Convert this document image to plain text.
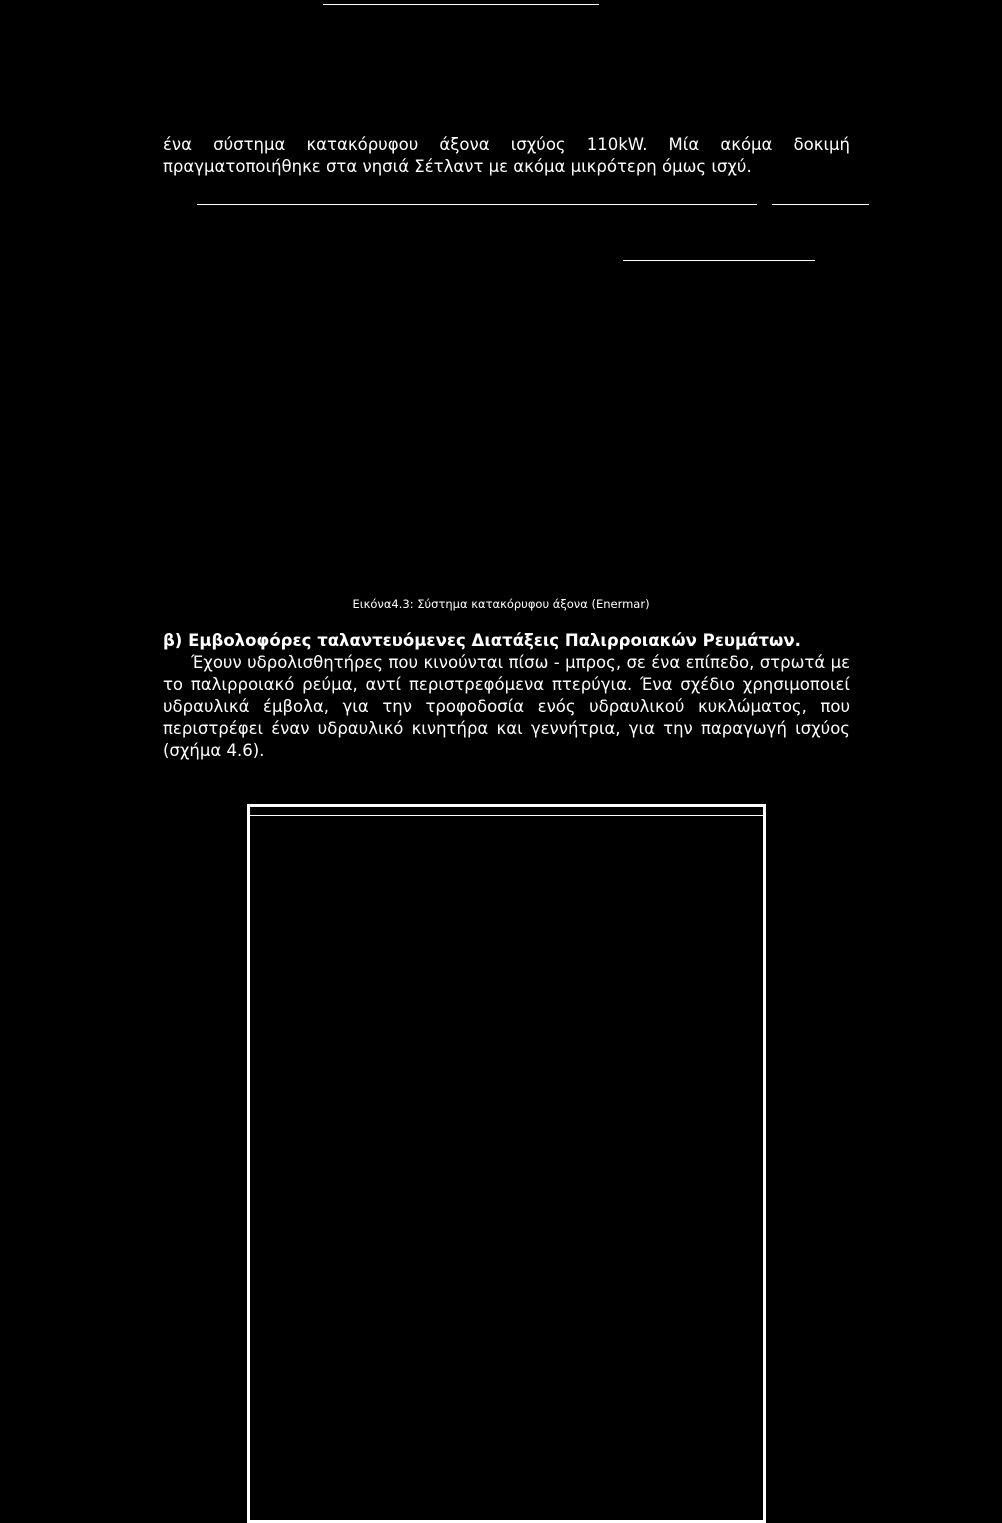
ένα σύστημα κατακόρυφου άξονα ισχύος 110kW. Μία ακόμα δοκιμή
πραγματοποιήθηκε στα νησιά Σέτλαντ με ακόμα μικρότερη όμως ισχύ.

Εικόνα4.3: Σύστημα κατακόρυφου άξονα (Enermar)

β) Εμβολοφόρες ταλαντευόμενες Διατάξεις Παλιρροιακών Ρευμάτων.

Έχουν υδρολισθητήρες που κινούνται πίσω - μπρος, σε ένα επίπεδο, στρωτά με
το παλιρροιακό ρεύμα, αντί περιστρεφόμενα πτερύγια. Ένα σχέδιο χρησιμοποιεί
υδραυλικά έμβολα, για την τροφοδοσία ενός υδραυλικού κυκλώματος, που
περιστρέφει έναν υδραυλικό κινητήρα και γεννήτρια, για την παραγωγή ισχύος
(σχήμα 4.6).
